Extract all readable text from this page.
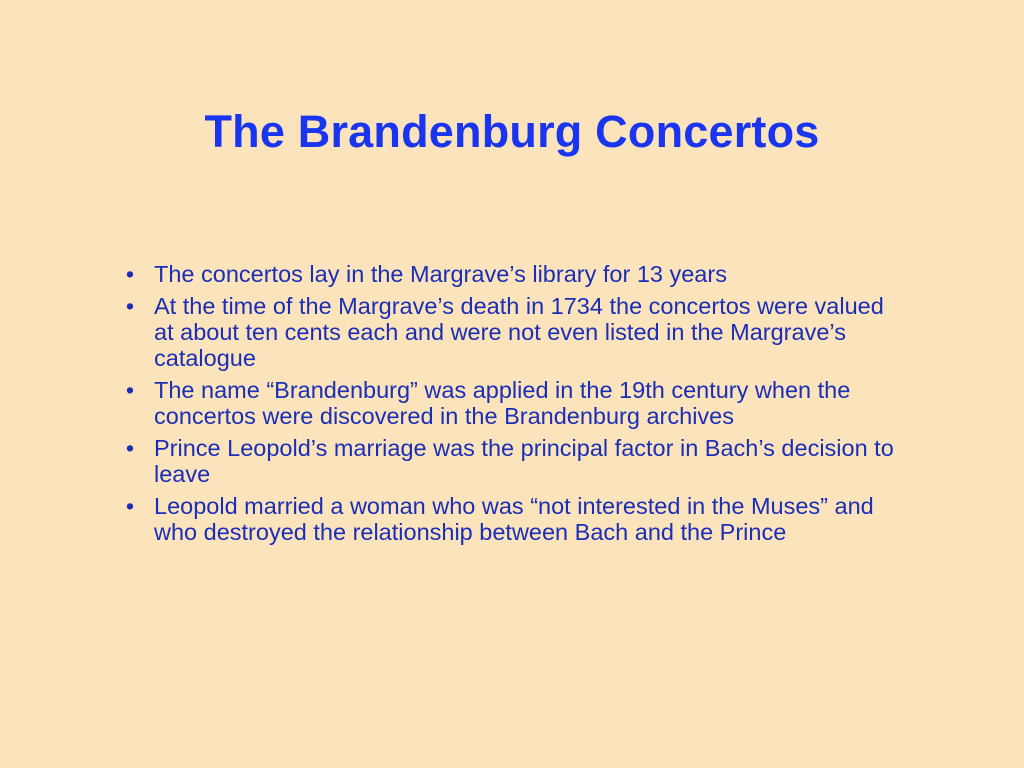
The Brandenburg Concertos
• The concertos lay in the Margrave’s library for 13 years
• At the time of the Margrave’s death in 1734 the concertos were valued at about ten cents each and were not even listed in the Margrave’s catalogue
• The name “Brandenburg” was applied in the 19th century when the concertos were discovered in the Brandenburg archives
• Prince Leopold’s marriage was the principal factor in Bach’s decision to leave
• Leopold married a woman who was “not interested in the Muses” and who destroyed the relationship between Bach and the Prince
